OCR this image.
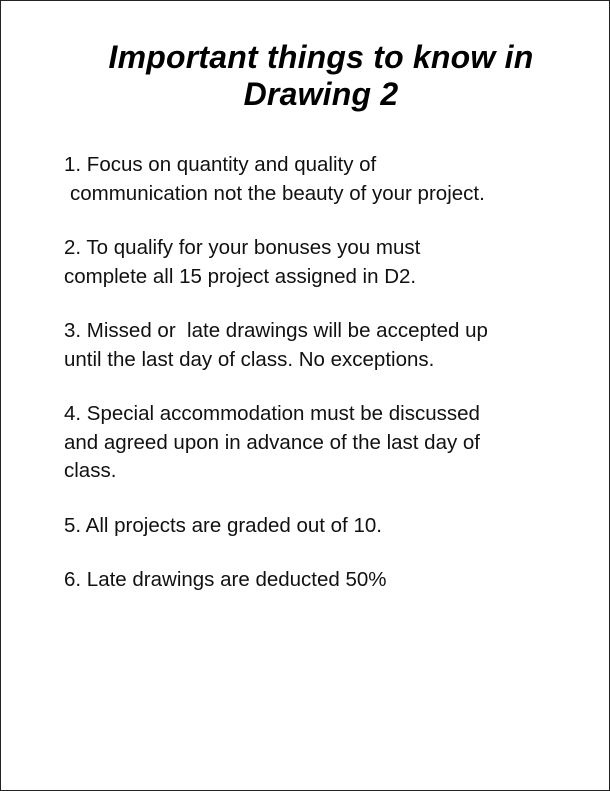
Important things to know in
Drawing 2
1. Focus on quantity and quality of
communication not the beauty of your project.
2. To qualify for your bonuses you must
complete all 15 project assigned in D2.
3. Missed or  late drawings will be accepted up
until the last day of class. No exceptions.
4. Special accommodation must be discussed
and agreed upon in advance of the last day of
class.
5. All projects are graded out of 10.
6. Late drawings are deducted 50%
